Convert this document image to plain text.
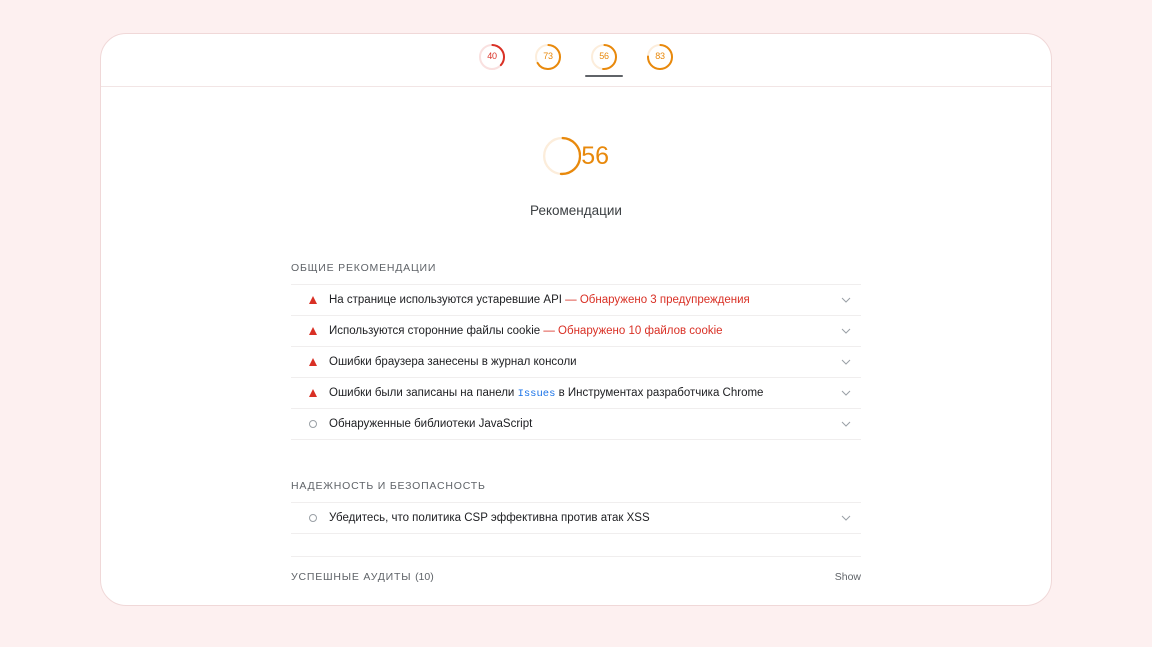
40	73	56	83
56
Рекомендации
ОБЩИЕ РЕКОМЕНДАЦИИ
На странице используются устаревшие API — Обнаружено 3 предупреждения
Используются сторонние файлы cookie — Обнаружено 10 файлов cookie
Ошибки браузера занесены в журнал консоли
Ошибки были записаны на панели Issues в Инструментах разработчика Chrome
Обнаруженные библиотеки JavaScript
НАДЕЖНОСТЬ И БЕЗОПАСНОСТЬ
Убедитесь, что политика CSP эффективна против атак XSS
УСПЕШНЫЕ АУДИТЫ (10)	Show
